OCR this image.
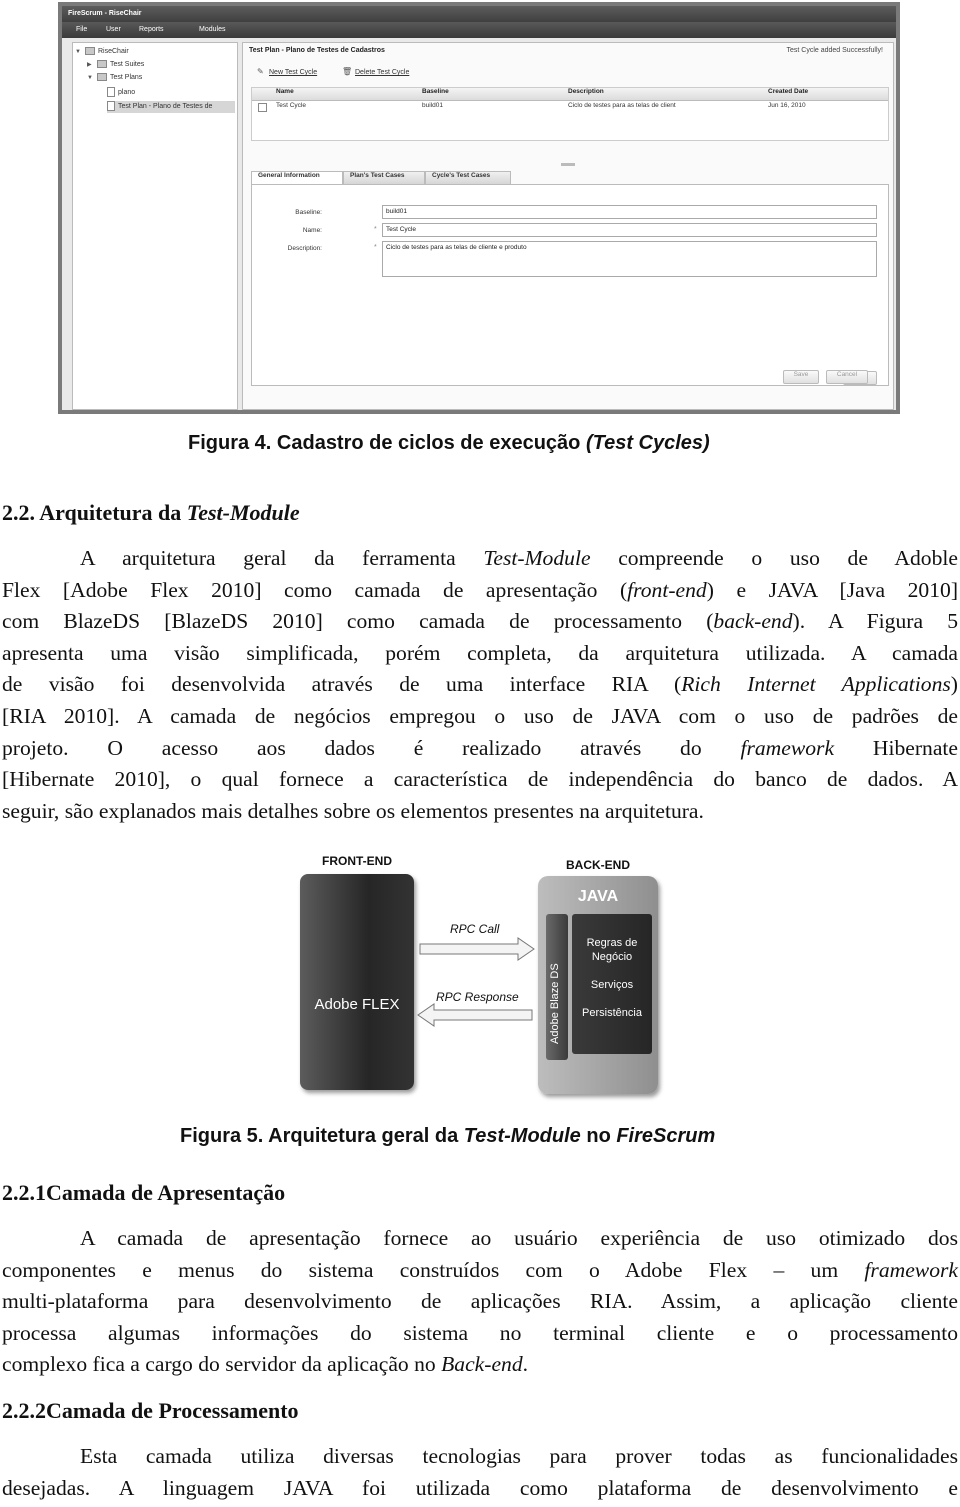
FireScrum - RiseChair
File	User	Reports	Modules
▼ RiseChair
▶	Test Suites
▼ Test Plans
plano
Test Plan - Plano de Testes de
Test Plan - Plano de Testes de Cadastros	Test Cycle added Successfully!
✎ New Test Cycle	🗑 Delete Test Cycle
Name	Baseline	Description	Created Date
Test Cycle	build01	Ciclo de testes para as telas de client	Jun 16, 2010
General Information	Plan's Test Cases	Cycle's Test Cases
Baseline:	build01
Name:	*	Test Cycle
Description:	*	Ciclo de testes para as telas de cliente e produto
Save	Cancel
Figura 4. Cadastro de ciclos de execução (Test Cycles)
2.2. Arquitetura da Test-Module
A arquitetura geral da ferramenta Test-Module compreende o uso de Adoble
Flex [Adobe Flex 2010] como camada de apresentação (front-end) e JAVA [Java 2010]
com BlazeDS [BlazeDS 2010] como camada de processamento (back-end). A Figura 5
apresenta uma visão simplificada, porém completa, da arquitetura utilizada. A camada
de visão foi desenvolvida através de uma interface RIA (Rich Internet Applications)
[RIA 2010]. A camada de negócios empregou o uso de JAVA com o uso de padrões de
projeto. O acesso aos dados é realizado através do framework Hibernate
[Hibernate 2010], o qual fornece a característica de independência do banco de dados. A
seguir, são explanados mais detalhes sobre os elementos presentes na arquitetura.
FRONT-END	BACK-END
Adobe FLEX
RPC Call
RPC Response
JAVA
Adobe Blaze DS
Regras de
Negócio
Serviços
Persistência
Figura 5. Arquitetura geral da Test-Module no FireScrum
2.2.1Camada de Apresentação
A camada de apresentação fornece ao usuário experiência de uso otimizado dos
componentes e menus do sistema construídos com o Adobe Flex – um framework
multi-plataforma para desenvolvimento de aplicações RIA. Assim, a aplicação cliente
processa algumas informações do sistema no terminal cliente e o processamento
complexo fica a cargo do servidor da aplicação no Back-end.
2.2.2Camada de Processamento
Esta camada utiliza diversas tecnologias para prover todas as funcionalidades
desejadas. A linguagem JAVA foi utilizada como plataforma de desenvolvimento e
